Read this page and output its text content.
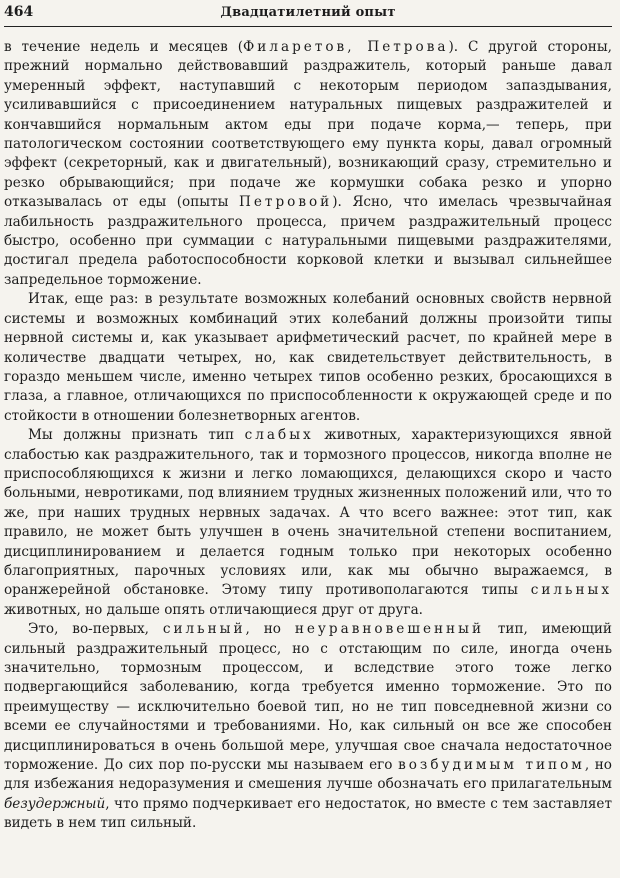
464	Двадцатилетний опыт

в течение недель и месяцев (Филаретов, Петрова). С другой стороны, прежний нормально действовавший раздражитель, который раньше давал умеренный эффект, наступавший с некоторым периодом запаздывания, усиливавшийся с присоединением натуральных пищевых раздражителей и кончавшийся нормальным актом еды при подаче корма,— теперь, при патологическом состоянии соответствующего ему пункта коры, давал огромный эффект (секреторный, как и двигательный), возникающий сразу, стремительно и резко обрывающийся; при подаче же кормушки собака резко и упорно отказывалась от еды (опыты Петровой). Ясно, что имелась чрезвычайная лабильность раздражительного процесса, причем раздражительный процесс быстро, особенно при суммации с натуральными пищевыми раздражителями, достигал предела работоспособности корковой клетки и вызывал сильнейшее запредельное торможение.

Итак, еще раз: в результате возможных колебаний основных свойств нервной системы и возможных комбинаций этих колебаний должны произойти типы нервной системы и, как указывает арифметический расчет, по крайней мере в количестве двадцати четырех, но, как свидетельствует действительность, в гораздо меньшем числе, именно четырех типов особенно резких, бросающихся в глаза, а главное, отличающихся по приспособленности к окружающей среде и по стойкости в отношении болезнетворных агентов.

Мы должны признать тип слабых животных, характеризующихся явной слабостью как раздражительного, так и тормозного процессов, никогда вполне не приспособляющихся к жизни и легко ломающихся, делающихся скоро и часто больными, невротиками, под влиянием трудных жизненных положений или, что то же, при наших трудных нервных задачах. А что всего важнее: этот тип, как правило, не может быть улучшен в очень значительной степени воспитанием, дисциплинированием и делается годным только при некоторых особенно благоприятных, парочных условиях или, как мы обычно выражаемся, в оранжерейной обстановке. Этому типу противополагаются типы сильных животных, но дальше опять отличающиеся друг от друга.

Это, во-первых, сильный, но неуравновешенный тип, имеющий сильный раздражительный процесс, но с отстающим по силе, иногда очень значительно, тормозным процессом, и вследствие этого тоже легко подвергающийся заболеванию, когда требуется именно торможение. Это по преимуществу — исключительно боевой тип, но не тип повседневной жизни со всеми ее случайностями и требованиями. Но, как сильный он все же способен дисциплинироваться в очень большой мере, улучшая свое сначала недостаточное торможение. До сих пор по-русски мы называем его возбудимым типом, но для избежания недоразумения и смешения лучше обозначать его прилагательным безудержный, что прямо подчеркивает его недостаток, но вместе с тем заставляет видеть в нем тип сильный.
